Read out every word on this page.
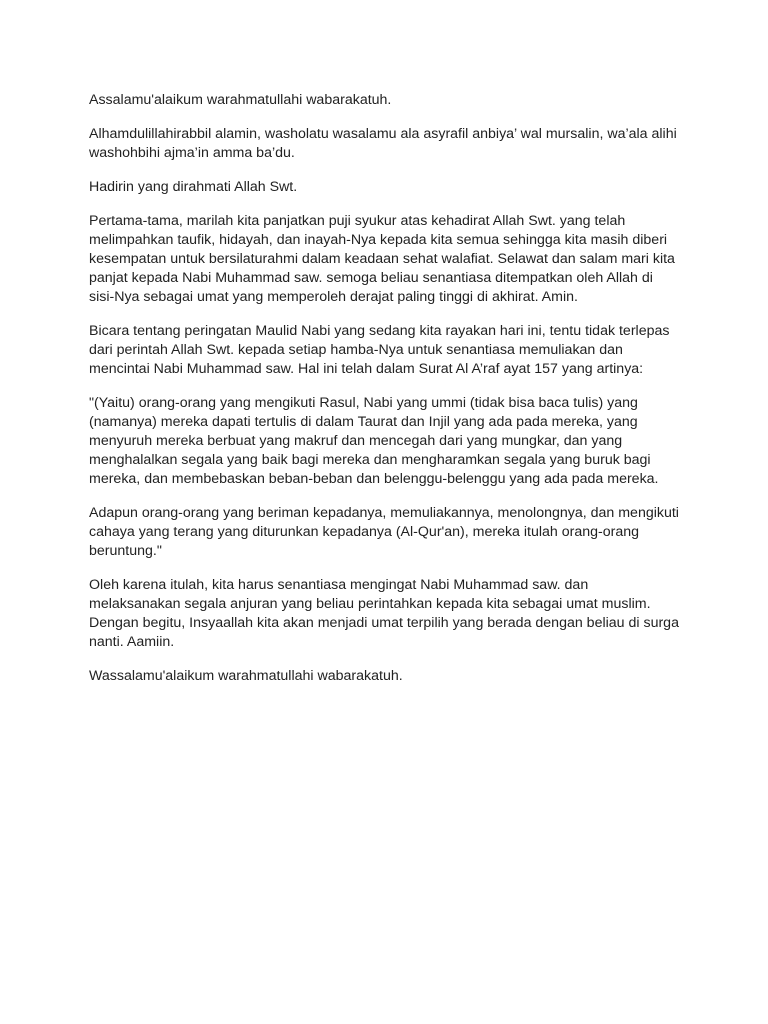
Assalamu'alaikum warahmatullahi wabarakatuh.

Alhamdulillahirabbil alamin, washolatu wasalamu ala asyrafil anbiya’ wal mursalin, wa’ala alihi washohbihi ajma’in amma ba’du.

Hadirin yang dirahmati Allah Swt.

Pertama-tama, marilah kita panjatkan puji syukur atas kehadirat Allah Swt. yang telah melimpahkan taufik, hidayah, dan inayah-Nya kepada kita semua sehingga kita masih diberi kesempatan untuk bersilaturahmi dalam keadaan sehat walafiat. Selawat dan salam mari kita panjat kepada Nabi Muhammad saw. semoga beliau senantiasa ditempatkan oleh Allah di sisi-Nya sebagai umat yang memperoleh derajat paling tinggi di akhirat. Amin.

Bicara tentang peringatan Maulid Nabi yang sedang kita rayakan hari ini, tentu tidak terlepas dari perintah Allah Swt. kepada setiap hamba-Nya untuk senantiasa memuliakan dan mencintai Nabi Muhammad saw. Hal ini telah dalam Surat Al A’raf ayat 157 yang artinya:

"(Yaitu) orang-orang yang mengikuti Rasul, Nabi yang ummi (tidak bisa baca tulis) yang (namanya) mereka dapati tertulis di dalam Taurat dan Injil yang ada pada mereka, yang menyuruh mereka berbuat yang makruf dan mencegah dari yang mungkar, dan yang menghalalkan segala yang baik bagi mereka dan mengharamkan segala yang buruk bagi mereka, dan membebaskan beban-beban dan belenggu-belenggu yang ada pada mereka.

Adapun orang-orang yang beriman kepadanya, memuliakannya, menolongnya, dan mengikuti cahaya yang terang yang diturunkan kepadanya (Al-Qur'an), mereka itulah orang-orang beruntung."

Oleh karena itulah, kita harus senantiasa mengingat Nabi Muhammad saw. dan melaksanakan segala anjuran yang beliau perintahkan kepada kita sebagai umat muslim. Dengan begitu, Insyaallah kita akan menjadi umat terpilih yang berada dengan beliau di surga nanti. Aamiin.

Wassalamu'alaikum warahmatullahi wabarakatuh.
